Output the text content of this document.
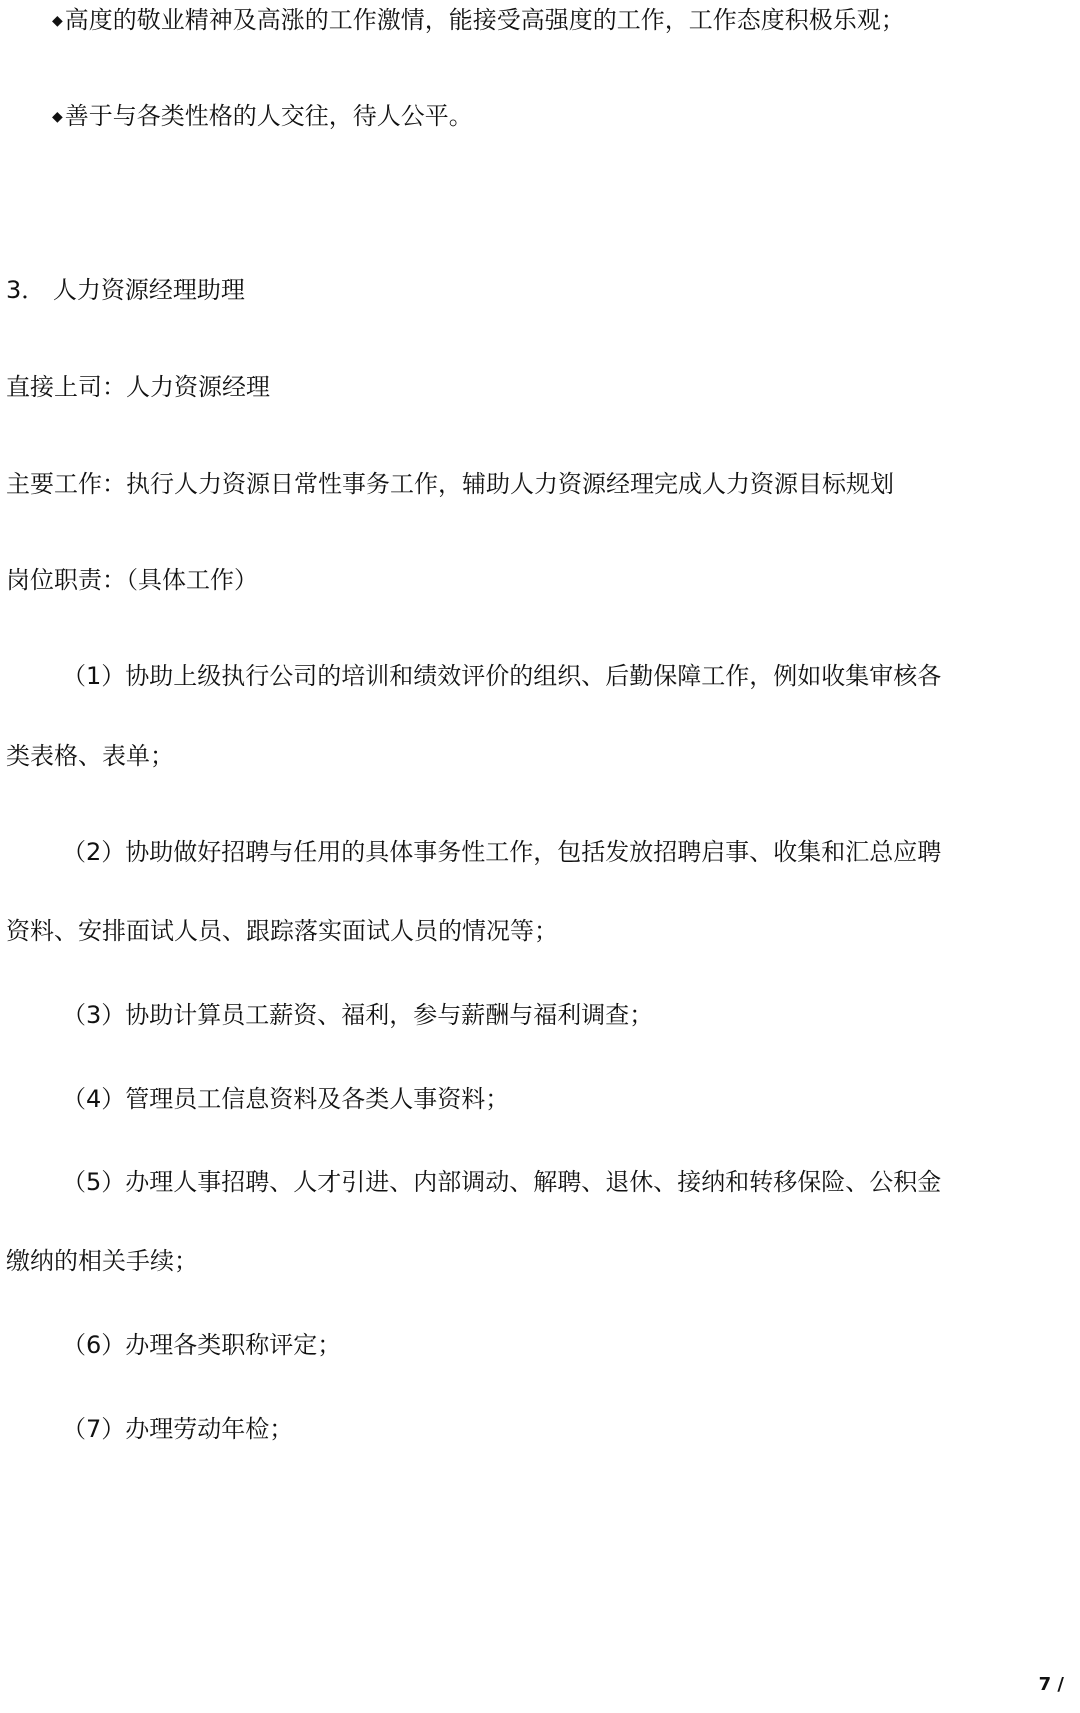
◆高度的敬业精神及高涨的工作激情，能接受高强度的工作，工作态度积极乐观；
◆善于与各类性格的人交往，待人公平。
3． 人力资源经理助理
直接上司：人力资源经理
主要工作：执行人力资源日常性事务工作，辅助人力资源经理完成人力资源目标规划
岗位职责：（具体工作）
（1）协助上级执行公司的培训和绩效评价的组织、后勤保障工作，例如收集审核各
类表格、表单；
（2）协助做好招聘与任用的具体事务性工作，包括发放招聘启事、收集和汇总应聘
资料、安排面试人员、跟踪落实面试人员的情况等；
（3）协助计算员工薪资、福利，参与薪酬与福利调查；
（4）管理员工信息资料及各类人事资料；
（5）办理人事招聘、人才引进、内部调动、解聘、退休、接纳和转移保险、公积金
缴纳的相关手续；
（6）办理各类职称评定；
（7）办理劳动年检；
7 /
